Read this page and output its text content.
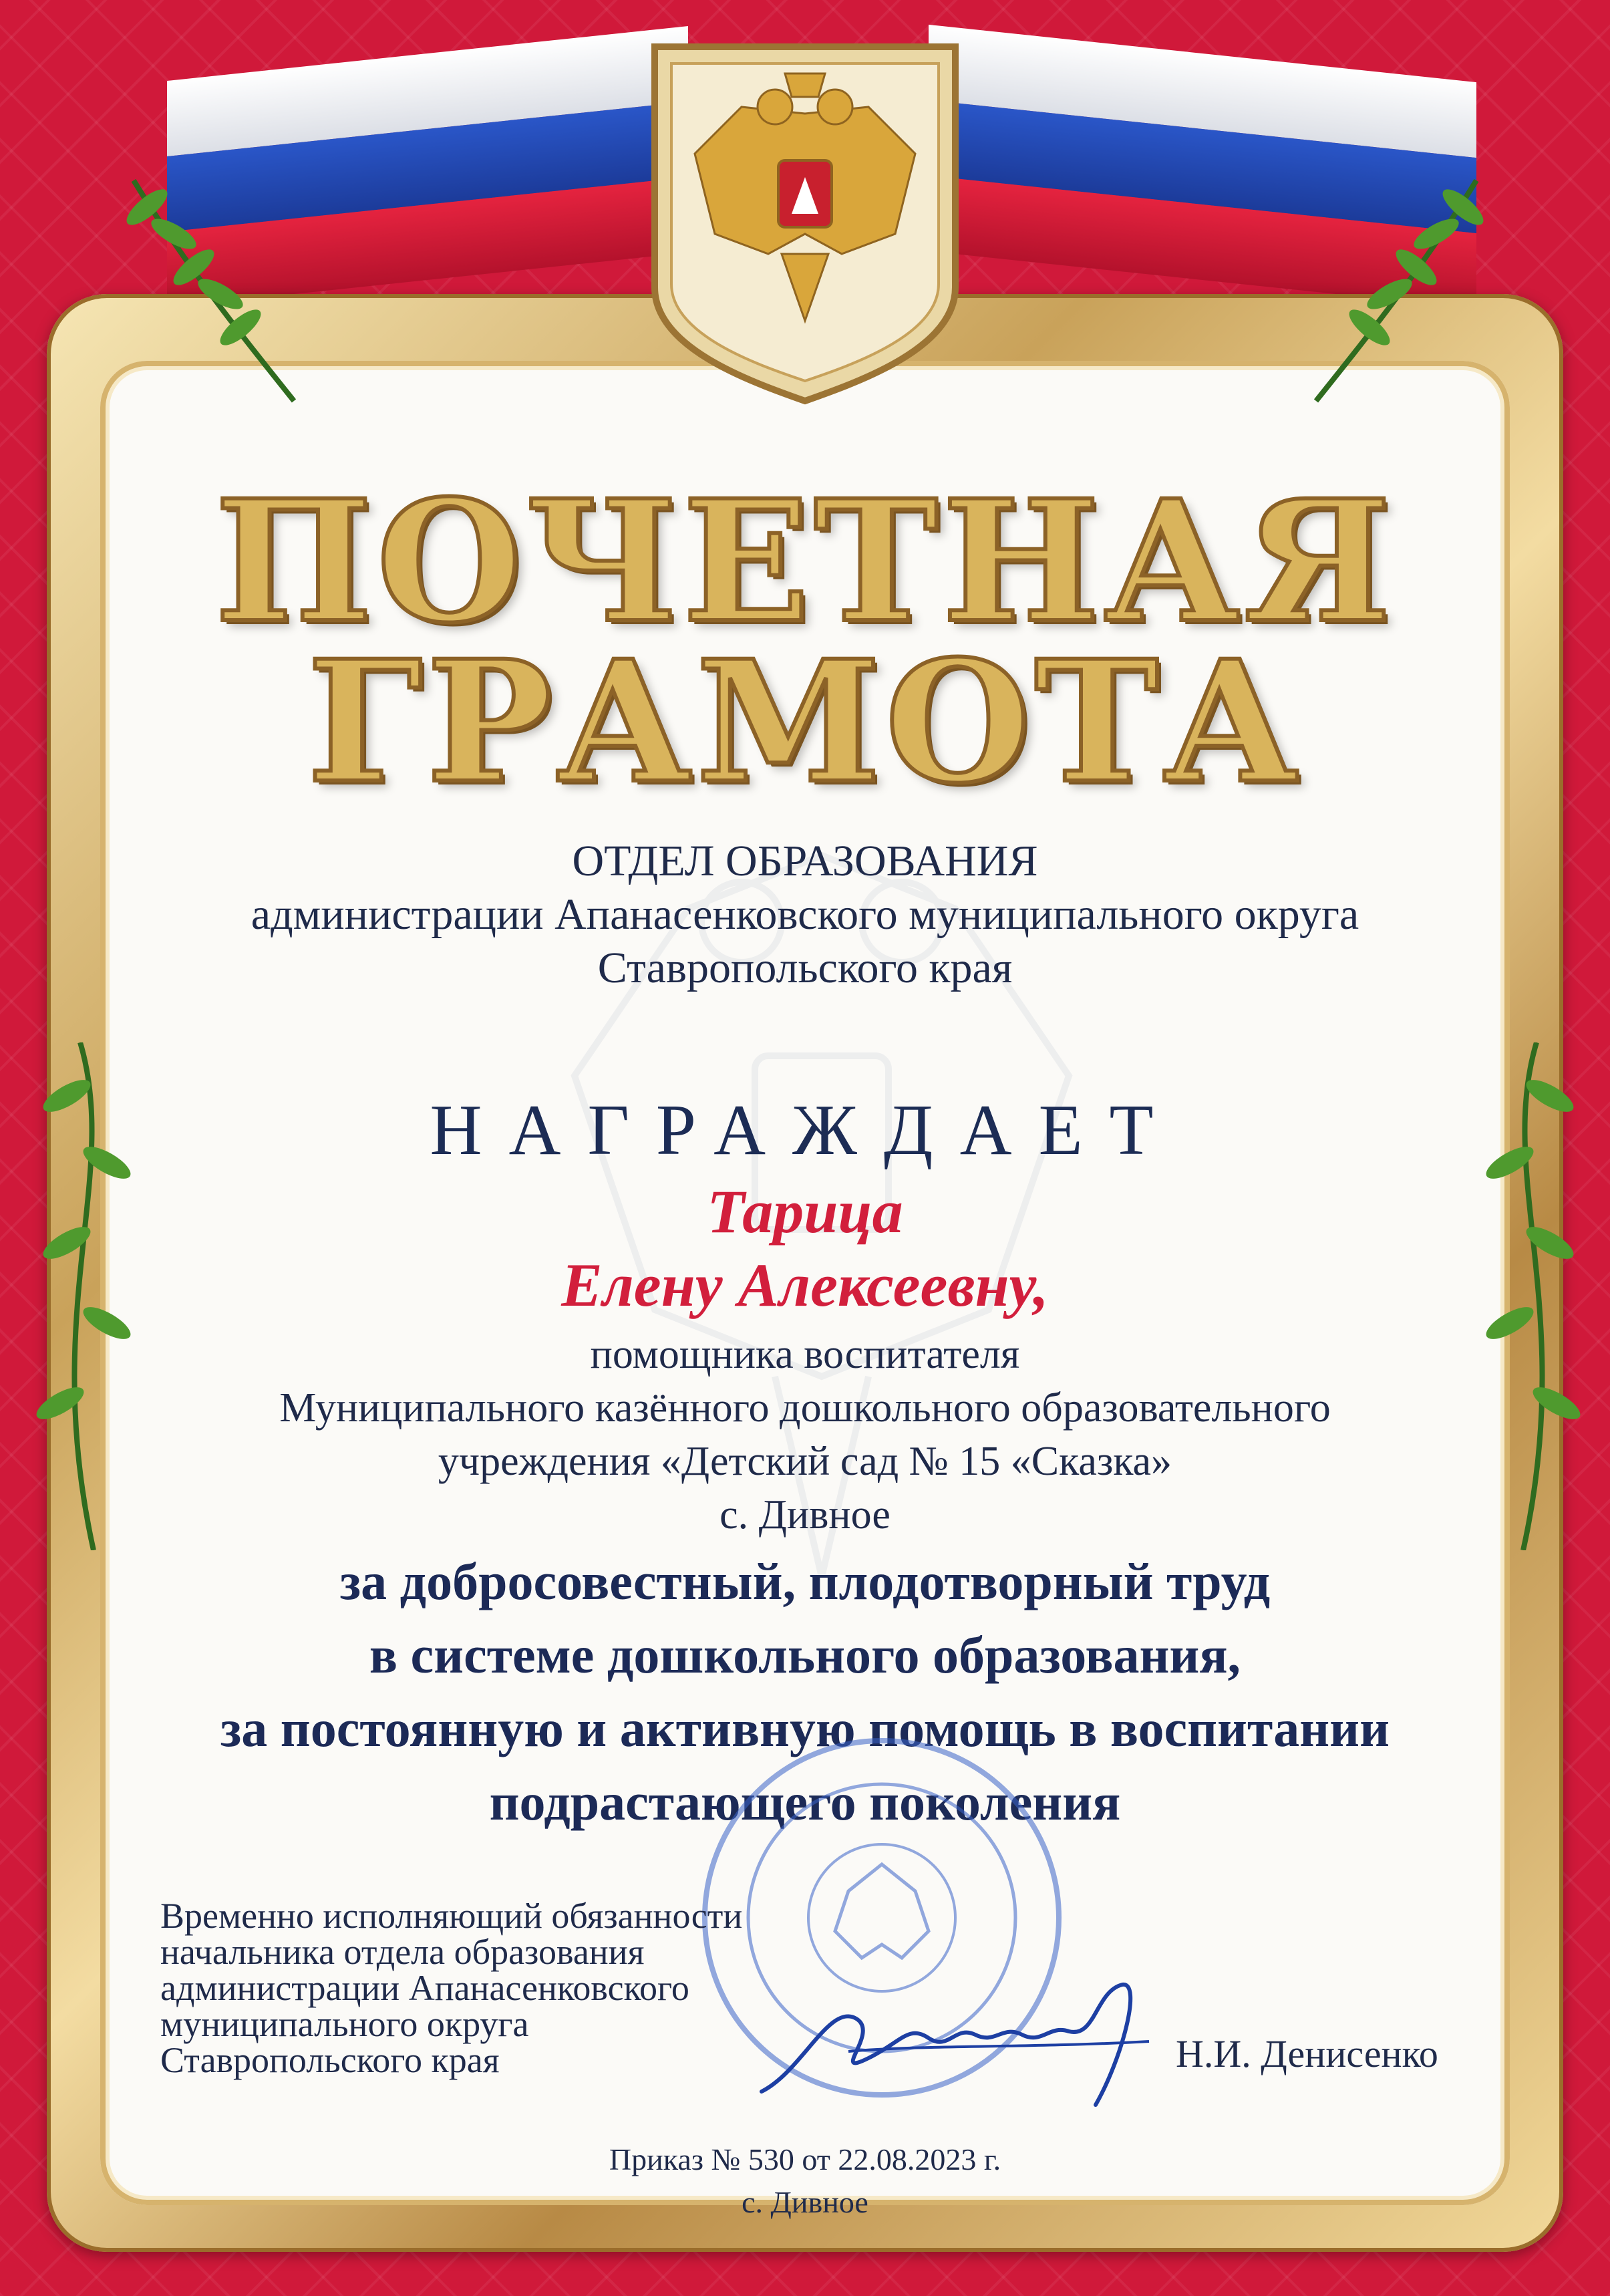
ПОЧЕТНАЯ
ГРАМОТА
ОТДЕЛ ОБРАЗОВАНИЯ
администрации Апанасенковского муниципального округа
Ставропольского края
НАГРАЖДАЕТ
Тарица
Елену Алексеевну,
помощника воспитателя
Муниципального казённого дошкольного образовательного
учреждения «Детский сад № 15 «Сказка»
с. Дивное
за добросовестный, плодотворный труд
в системе дошкольного образования,
за постоянную и активную помощь в воспитании
подрастающего поколения
Временно исполняющий обязанности
начальника отдела образования
администрации Апанасенковского
муниципального округа
Ставропольского края	Н.И. Денисенко
Приказ № 530 от 22.08.2023 г.
с. Дивное
